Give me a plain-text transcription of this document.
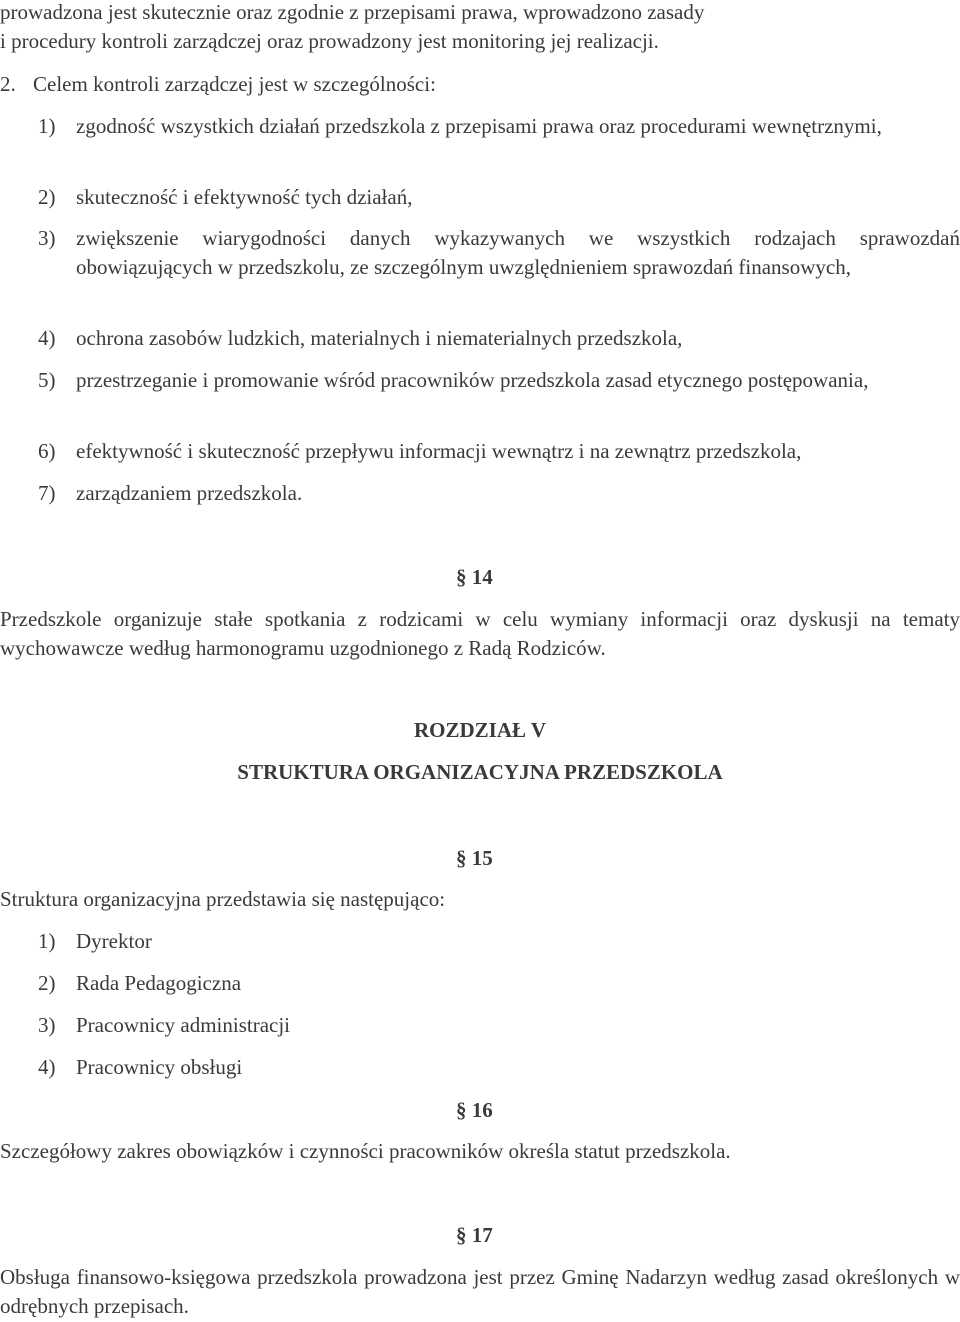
prowadzona jest skutecznie oraz zgodnie z przepisami prawa, wprowadzono zasady
i procedury kontroli zarządczej oraz prowadzony jest monitoring jej realizacji.
2. Celem kontroli zarządczej jest w szczególności:
1) zgodność wszystkich działań przedszkola z przepisami prawa oraz procedurami wewnętrznymi,
2) skuteczność i efektywność tych działań,
3) zwiększenie wiarygodności danych wykazywanych we wszystkich rodzajach sprawozdań obowiązujących w przedszkolu, ze szczególnym uwzględnieniem sprawozdań finansowych,
4) ochrona zasobów ludzkich, materialnych i niematerialnych przedszkola,
5) przestrzeganie i promowanie wśród pracowników przedszkola zasad etycznego postępowania,
6) efektywność i skuteczność przepływu informacji wewnątrz i na zewnątrz przedszkola,
7) zarządzaniem przedszkola.
§ 14
Przedszkole organizuje stałe spotkania z rodzicami w celu wymiany informacji oraz dyskusji na tematy wychowawcze według harmonogramu uzgodnionego z Radą Rodziców.
ROZDZIAŁ V
STRUKTURA ORGANIZACYJNA PRZEDSZKOLA
§ 15
Struktura organizacyjna przedstawia się następująco:
1) Dyrektor
2) Rada Pedagogiczna
3) Pracownicy administracji
4) Pracownicy obsługi
§ 16
Szczegółowy zakres obowiązków i czynności pracowników określa statut przedszkola.
§ 17
Obsługa finansowo-księgowa przedszkola prowadzona jest przez Gminę Nadarzyn według zasad określonych w odrębnych przepisach.
